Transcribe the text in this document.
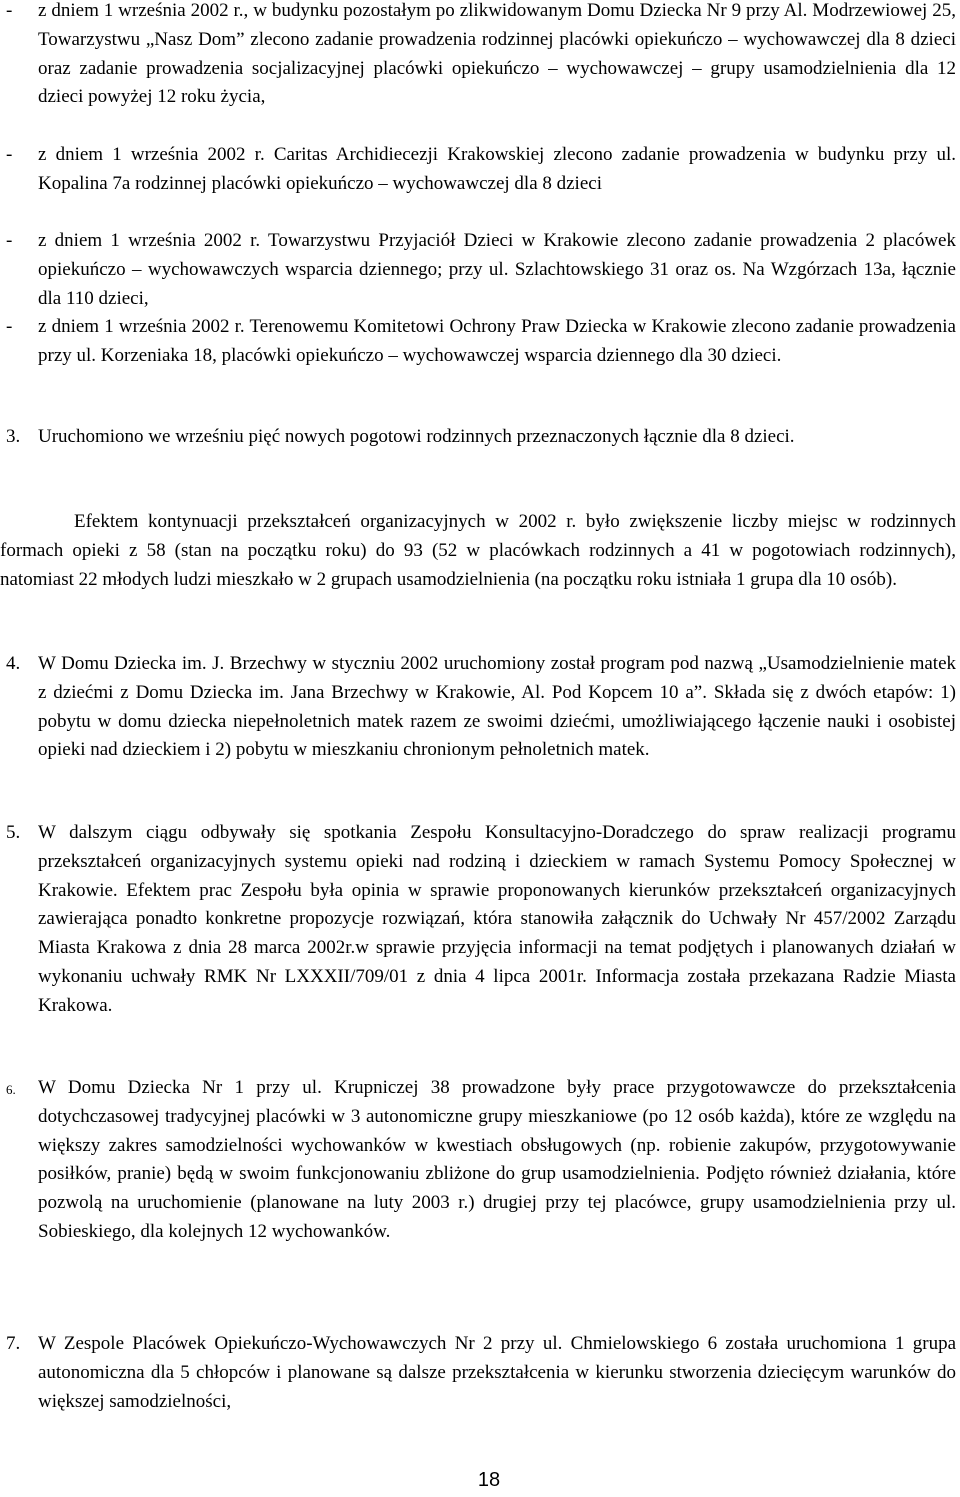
- z dniem 1 września 2002 r., w budynku pozostałym po zlikwidowanym Domu Dziecka Nr 9 przy Al. Modrzewiowej 25, Towarzystwu „Nasz Dom” zlecono zadanie prowadzenia rodzinnej placówki opiekuńczo – wychowawczej dla 8 dzieci oraz zadanie prowadzenia socjalizacyjnej placówki opiekuńczo – wychowawczej – grupy usamodzielnienia dla 12 dzieci powyżej 12 roku życia,
- z dniem 1 września 2002 r. Caritas Archidiecezji Krakowskiej zlecono zadanie prowadzenia w budynku przy ul. Kopalina 7a rodzinnej placówki opiekuńczo – wychowawczej dla 8 dzieci
- z dniem 1 września 2002 r. Towarzystwu Przyjaciół Dzieci w Krakowie zlecono zadanie prowadzenia 2 placówek opiekuńczo – wychowawczych wsparcia dziennego; przy ul. Szlachtowskiego 31 oraz os. Na Wzgórzach 13a, łącznie dla 110 dzieci,
- z dniem 1 września 2002 r. Terenowemu Komitetowi Ochrony Praw Dziecka w Krakowie zlecono zadanie prowadzenia przy ul. Korzeniaka 18, placówki opiekuńczo – wychowawczej wsparcia dziennego dla 30 dzieci.
3. Uruchomiono we wrześniu pięć nowych pogotowi rodzinnych przeznaczonych łącznie dla 8 dzieci.
Efektem kontynuacji przekształceń organizacyjnych w 2002 r. było zwiększenie liczby miejsc w rodzinnych formach opieki z 58 (stan na początku roku) do 93 (52 w placówkach rodzinnych a 41 w pogotowiach rodzinnych), natomiast 22 młodych ludzi mieszkało w 2 grupach usamodzielnienia (na początku roku istniała 1 grupa dla 10 osób).
4. W Domu Dziecka im. J. Brzechwy w styczniu 2002 uruchomiony został program pod nazwą „Usamodzielnienie matek z dziećmi z Domu Dziecka im. Jana Brzechwy w Krakowie, Al. Pod Kopcem 10 a”. Składa się z dwóch etapów: 1) pobytu w domu dziecka niepełnoletnich matek razem ze swoimi dziećmi, umożliwiającego łączenie nauki i osobistej opieki nad dzieckiem i 2) pobytu w mieszkaniu chronionym pełnoletnich matek.
5. W dalszym ciągu odbywały się spotkania Zespołu Konsultacyjno-Doradczego do spraw realizacji programu przekształceń organizacyjnych systemu opieki nad rodziną i dzieckiem w ramach Systemu Pomocy Społecznej w Krakowie. Efektem prac Zespołu była opinia w sprawie proponowanych kierunków przekształceń organizacyjnych zawierająca ponadto konkretne propozycje rozwiązań, która stanowiła załącznik do Uchwały Nr 457/2002 Zarządu Miasta Krakowa z dnia 28 marca 2002r.w sprawie przyjęcia informacji na temat podjętych i planowanych działań w wykonaniu uchwały RMK Nr LXXXII/709/01 z dnia 4 lipca 2001r. Informacja została przekazana Radzie Miasta Krakowa.
6. W Domu Dziecka Nr 1 przy ul. Krupniczej 38 prowadzone były prace przygotowawcze do przekształcenia dotychczasowej tradycyjnej placówki w 3 autonomiczne grupy mieszkaniowe (po 12 osób każda), które ze względu na większy zakres samodzielności wychowanków w kwestiach obsługowych (np. robienie zakupów, przygotowywanie posiłków, pranie) będą w swoim funkcjonowaniu zbliżone do grup usamodzielnienia. Podjęto również działania, które pozwolą na uruchomienie (planowane na luty 2003 r.) drugiej przy tej placówce, grupy usamodzielnienia przy ul. Sobieskiego, dla kolejnych 12 wychowanków.
7. W Zespole Placówek Opiekuńczo-Wychowawczych Nr 2 przy ul. Chmielowskiego 6 została uruchomiona 1 grupa autonomiczna dla 5 chłopców i planowane są dalsze przekształcenia w kierunku stworzenia dziecięcym warunków do większej samodzielności,
18
